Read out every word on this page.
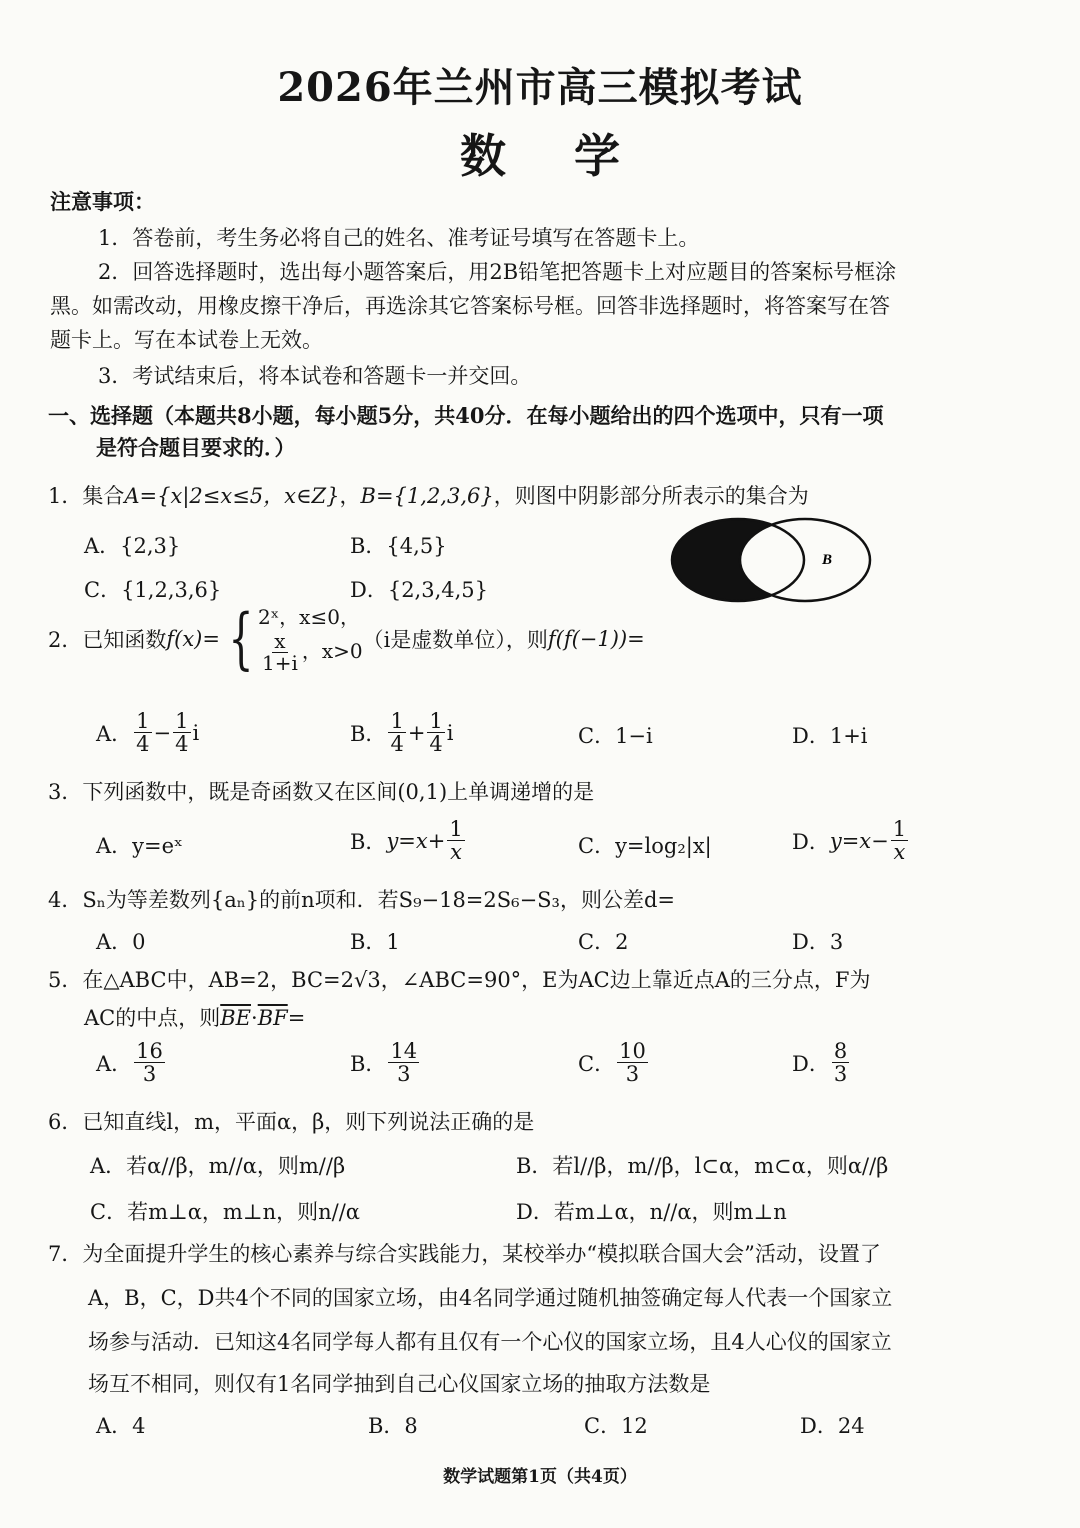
2026年兰州市高三模拟考试
数 学
注意事项：
1．答卷前，考生务必将自己的姓名、准考证号填写在答题卡上。
2．回答选择题时，选出每小题答案后，用2B铅笔把答题卡上对应题目的答案标号框涂
黑。如需改动，用橡皮擦干净后，再选涂其它答案标号框。回答非选择题时，将答案写在答
题卡上。写在本试卷上无效。
3．考试结束后，将本试卷和答题卡一并交回。
一、选择题（本题共8小题，每小题5分，共40分．在每小题给出的四个选项中，只有一项
是符合题目要求的．）
1．集合A={x|2≤x≤5，x∈Z}，B={1,2,3,6}，则图中阴影部分所表示的集合为
A．{2,3}	B．{4,5}
C．{1,2,3,6}	D．{2,3,4,5}
B
2．已知函数 f(x)= { 2ˣ，x≤0，
$\frac{x}{1+i}$ ，x>0 （i是虚数单位），则 f(f(−1))=
A． $\frac{1}{4} - \frac{1}{4}$ i	B． $\frac{1}{4} + \frac{1}{4}$ i	C．1−i	D．1+i
3．下列函数中，既是奇函数又在区间(0,1)上单调递增的是
A．y=eˣ	B． $y=x+ \frac{1}{x}$	C．y=log₂|x|	D． $y=x- \frac{1}{x}$
4．Sₙ为等差数列{aₙ}的前n项和．若S₉−18=2S₆−S₃，则公差d=
A．0	B．1	C．2	D．3
5．在△ABC中，AB=2，BC=2√3，∠ABC=90°，E为AC边上靠近点A的三分点，F为
AC的中点，则$\overline{BE}\cdot\overline{BF}=$
A． $\frac{16}{3}$	B． $\frac{14}{3}$	C． $\frac{10}{3}$	D． $\frac{8}{3}$
6．已知直线l，m，平面α，β，则下列说法正确的是
A．若α//β，m//α，则m//β	B．若l//β，m//β，l⊂α，m⊂α，则α//β
C．若m⊥α，m⊥n，则n//α	D．若m⊥α，n//α，则m⊥n
7．为全面提升学生的核心素养与综合实践能力，某校举办“模拟联合国大会”活动，设置了
A，B，C，D共4个不同的国家立场，由4名同学通过随机抽签确定每人代表一个国家立
场参与活动．已知这4名同学每人都有且仅有一个心仪的国家立场，且4人心仪的国家立
场互不相同，则仅有1名同学抽到自己心仪国家立场的抽取方法数是
A．4	B．8	C．12	D．24
数学试题第1页（共4页）
